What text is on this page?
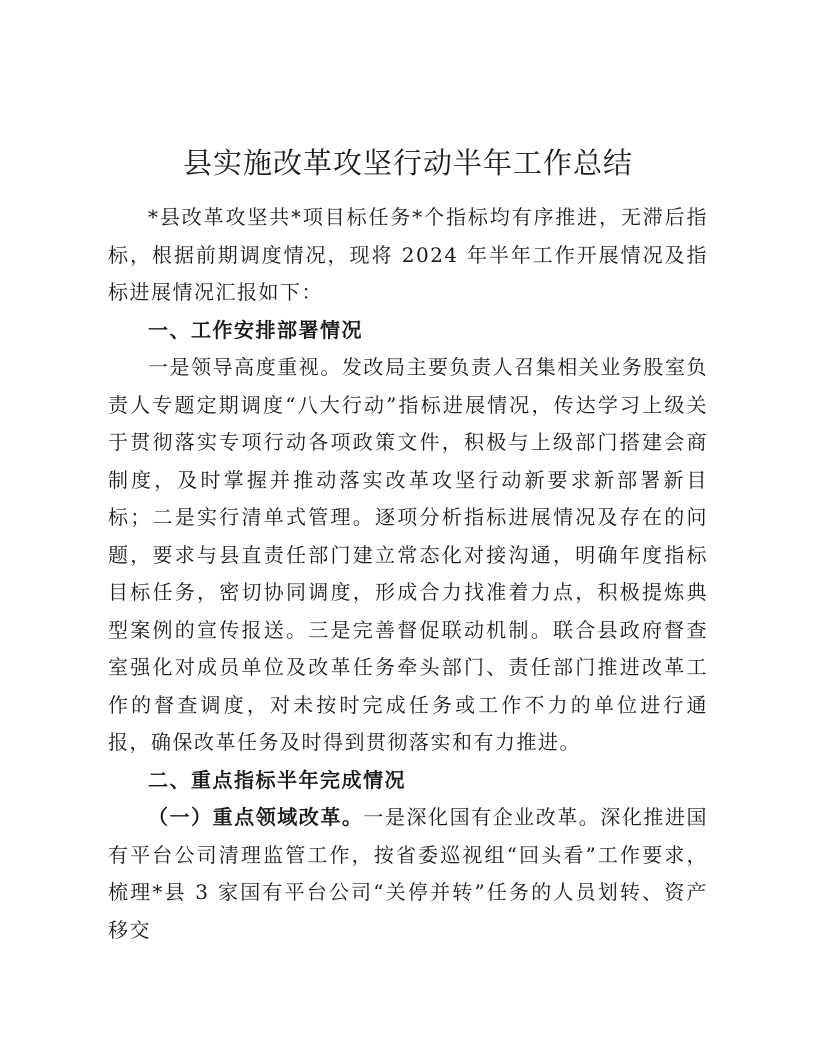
县实施改革攻坚行动半年工作总结

*县改革攻坚共*项目标任务*个指标均有序推进，无滞后指标，根据前期调度情况，现将 2024 年半年工作开展情况及指标进展情况汇报如下：

一、工作安排部署情况

一是领导高度重视。发改局主要负责人召集相关业务股室负责人专题定期调度“八大行动”指标进展情况，传达学习上级关于贯彻落实专项行动各项政策文件，积极与上级部门搭建会商制度，及时掌握并推动落实改革攻坚行动新要求新部署新目标；二是实行清单式管理。逐项分析指标进展情况及存在的问题，要求与县直责任部门建立常态化对接沟通，明确年度指标目标任务，密切协同调度，形成合力找准着力点，积极提炼典型案例的宣传报送。三是完善督促联动机制。联合县政府督查室强化对成员单位及改革任务牵头部门、责任部门推进改革工作的督查调度，对未按时完成任务或工作不力的单位进行通报，确保改革任务及时得到贯彻落实和有力推进。

二、重点指标半年完成情况

（一）重点领域改革。一是深化国有企业改革。深化推进国有平台公司清理监管工作，按省委巡视组“回头看”工作要求，梳理*县 3 家国有平台公司“关停并转”任务的人员划转、资产移交
